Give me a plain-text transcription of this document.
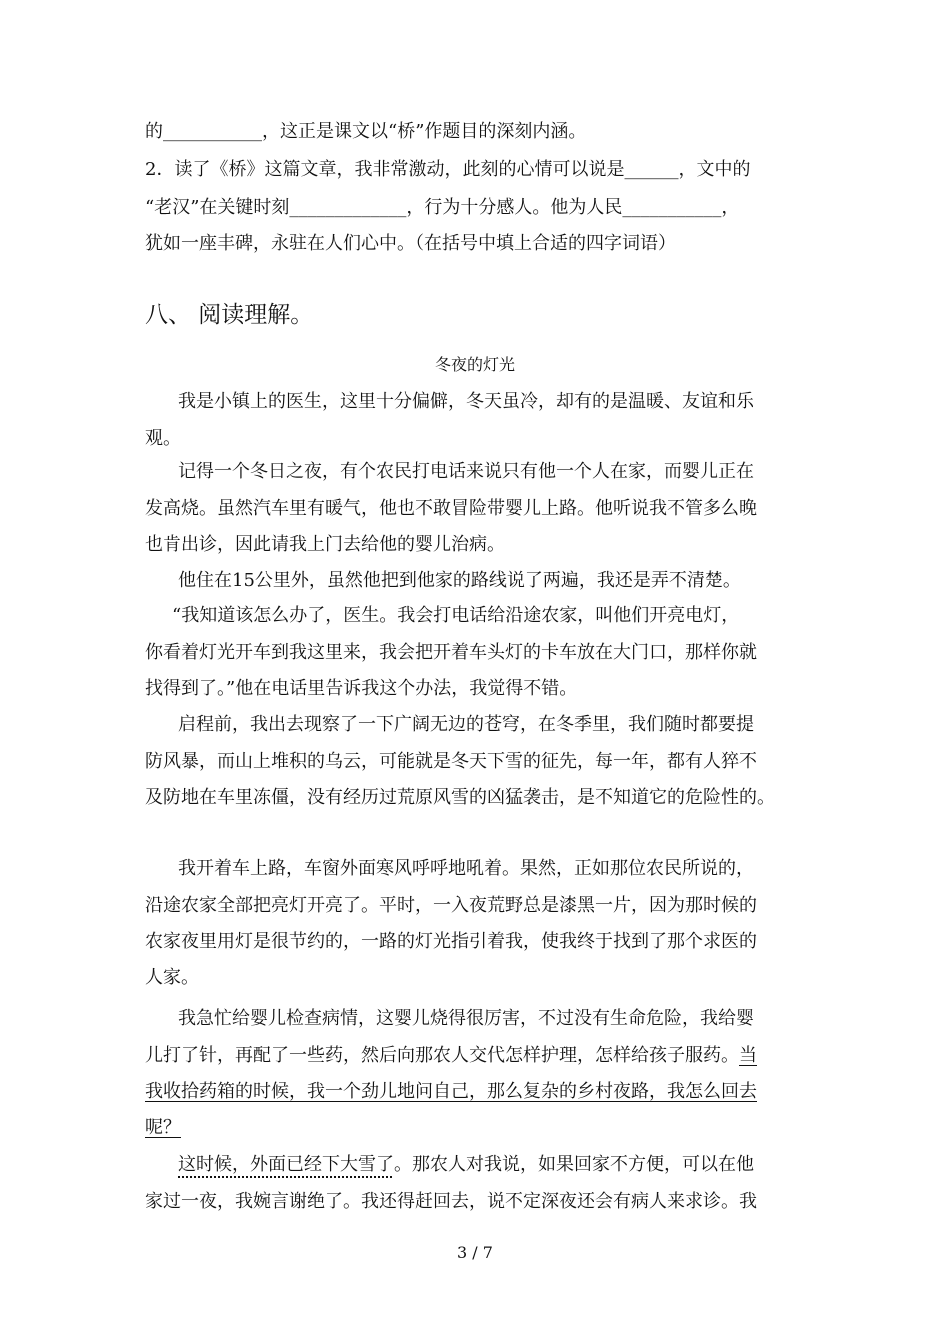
的___________，这正是课文以“桥”作题目的深刻内涵。
2．读了《桥》这篇文章，我非常激动，此刻的心情可以说是______，文中的
“老汉”在关键时刻_____________，行为十分感人。他为人民___________，
犹如一座丰碑，永驻在人们心中。（在括号中填上合适的四字词语）
八、 阅读理解。
冬夜的灯光
我是小镇上的医生，这里十分偏僻，冬天虽冷，却有的是温暖、友谊和乐
观。
记得一个冬日之夜，有个农民打电话来说只有他一个人在家，而婴儿正在
发高烧。虽然汽车里有暖气，他也不敢冒险带婴儿上路。他听说我不管多么晚
也肯出诊，因此请我上门去给他的婴儿治病。
他住在15公里外，虽然他把到他家的路线说了两遍，我还是弄不清楚。
“我知道该怎么办了，医生。我会打电话给沿途农家，叫他们开亮电灯，
你看着灯光开车到我这里来，我会把开着车头灯的卡车放在大门口，那样你就
找得到了。”他在电话里告诉我这个办法，我觉得不错。
启程前，我出去现察了一下广阔无边的苍穹，在冬季里，我们随时都要提
防风暴，而山上堆积的乌云，可能就是冬天下雪的征先，每一年，都有人猝不
及防地在车里冻僵，没有经历过荒原风雪的凶猛袭击，是不知道它的危险性的。
我开着车上路，车窗外面寒风呼呼地吼着。果然，正如那位农民所说的，
沿途农家全部把亮灯开亮了。平时，一入夜荒野总是漆黑一片，因为那时候的
农家夜里用灯是很节约的，一路的灯光指引着我，使我终于找到了那个求医的
人家。
我急忙给婴儿检查病情，这婴儿烧得很厉害，不过没有生命危险，我给婴
儿打了针，再配了一些药，然后向那农人交代怎样护理，怎样给孩子服药。当
我收拾药箱的时候，我一个劲儿地问自己，那么复杂的乡村夜路，我怎么回去
呢？
这时候，外面已经下大雪了。那农人对我说，如果回家不方便，可以在他
家过一夜，我婉言谢绝了。我还得赶回去，说不定深夜还会有病人来求诊。我
3 / 7
